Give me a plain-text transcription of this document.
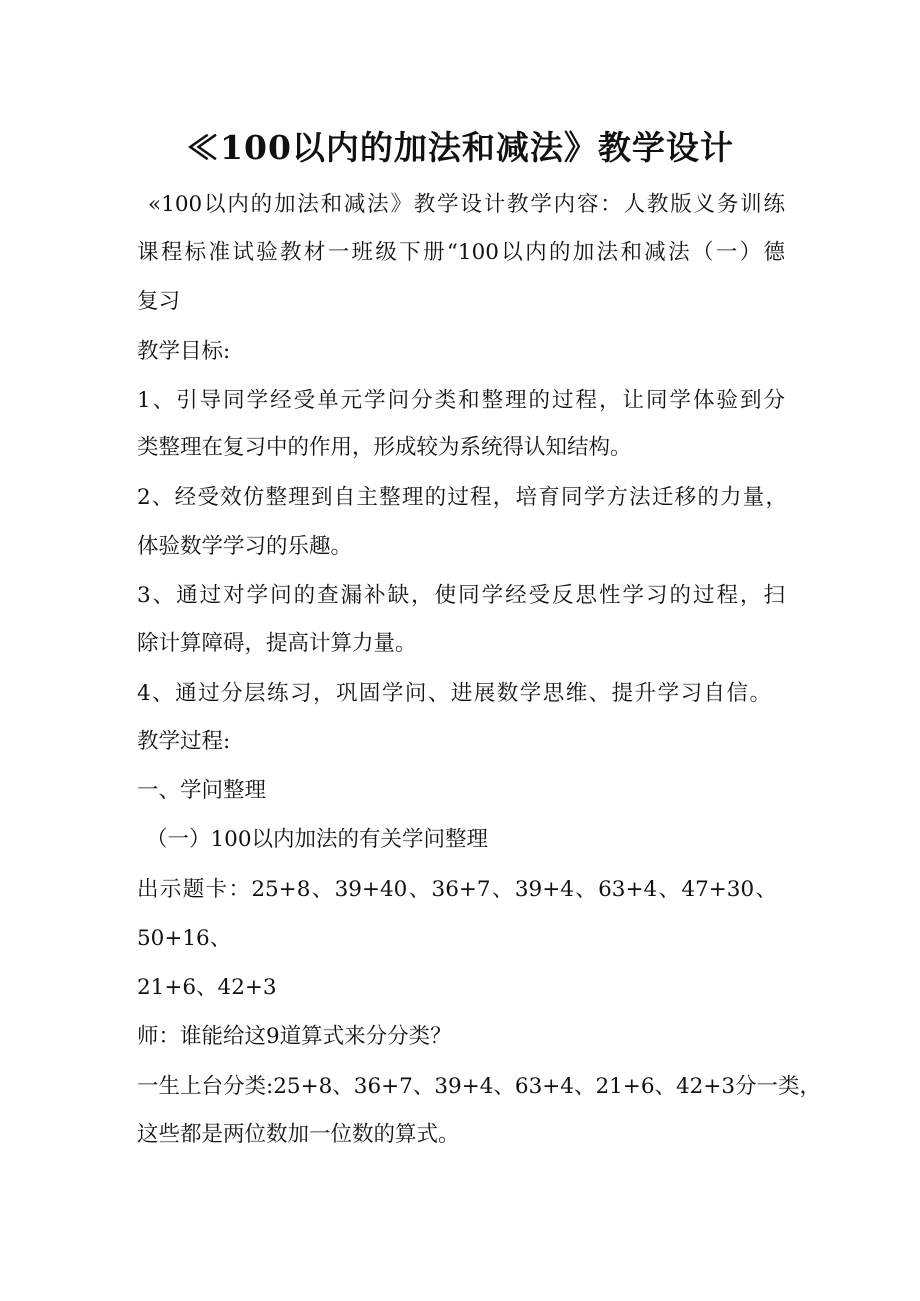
≪100以内的加法和减法》教学设计
«100以内的加法和减法》教学设计教学内容：人教版义务训练
课程标准试验教材一班级下册“100以内的加法和减法（一）德
复习
教学目标:
1、引导同学经受单元学问分类和整理的过程，让同学体验到分
类整理在复习中的作用，形成较为系统得认知结构。
2、经受效仿整理到自主整理的过程，培育同学方法迁移的力量，
体验数学学习的乐趣。
3、通过对学问的查漏补缺，使同学经受反思性学习的过程，扫
除计算障碍，提高计算力量。
4、通过分层练习，巩固学问、进展数学思维、提升学习自信。
教学过程:
一、学问整理
（一）100以内加法的有关学问整理
出示题卡：25+8、39+40、36+7、39+4、63+4、47+30、
50+16、
21+6、42+3
师：谁能给这9道算式来分分类？
一生上台分类:25+8、36+7、39+4、63+4、21+6、42+3分一类，
这些都是两位数加一位数的算式。
